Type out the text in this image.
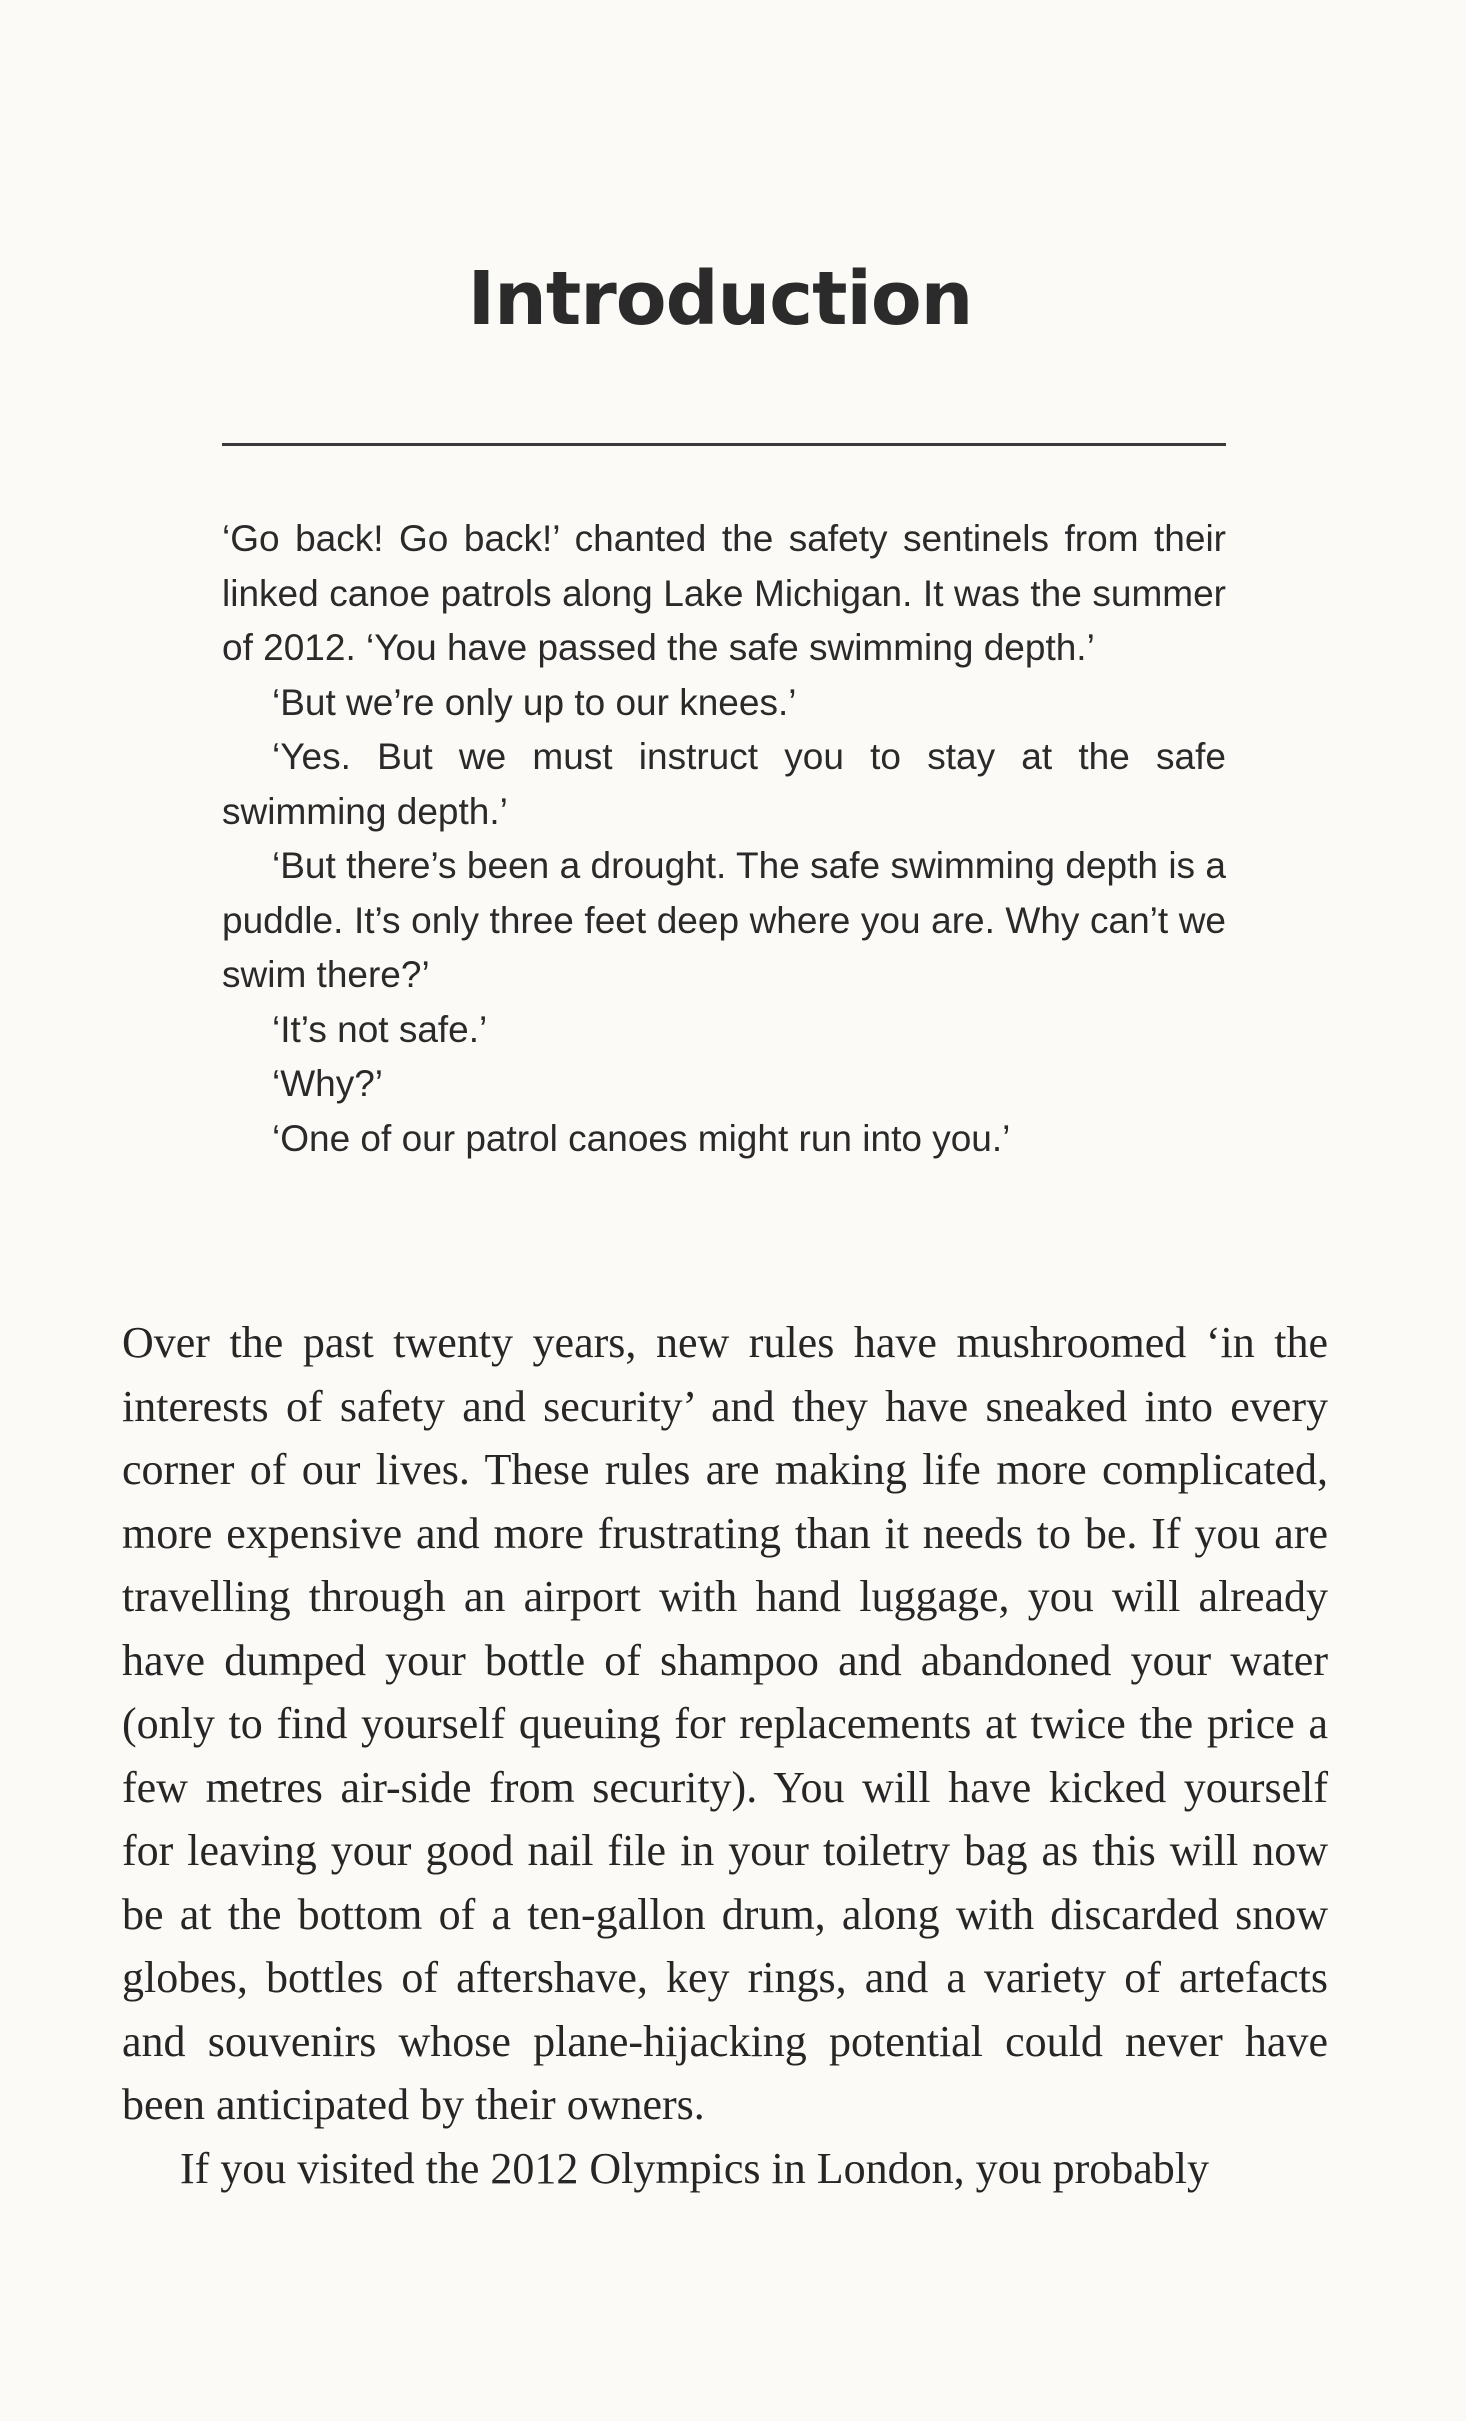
Introduction

‘Go back! Go back!’ chanted the safety sentinels from their linked canoe patrols along Lake Michigan. It was the summer of 2012. ‘You have passed the safe swimming depth.’

‘But we’re only up to our knees.’

‘Yes. But we must instruct you to stay at the safe swimming depth.’

‘But there’s been a drought. The safe swimming depth is a puddle. It’s only three feet deep where you are. Why can’t we swim there?’

‘It’s not safe.’

‘Why?’

‘One of our patrol canoes might run into you.’

Over the past twenty years, new rules have mushroomed ‘in the interests of safety and security’ and they have sneaked into every corner of our lives. These rules are making life more complicated, more expensive and more frustrating than it needs to be. If you are travelling through an airport with hand luggage, you will already have dumped your bottle of shampoo and abandoned your water (only to find yourself queuing for replacements at twice the price a few metres air-side from security). You will have kicked yourself for leaving your good nail file in your toiletry bag as this will now be at the bottom of a ten-gallon drum, along with discarded snow globes, bottles of aftershave, key rings, and a variety of artefacts and souvenirs whose plane-hijacking potential could never have been anticipated by their owners.

If you visited the 2012 Olympics in London, you probably
